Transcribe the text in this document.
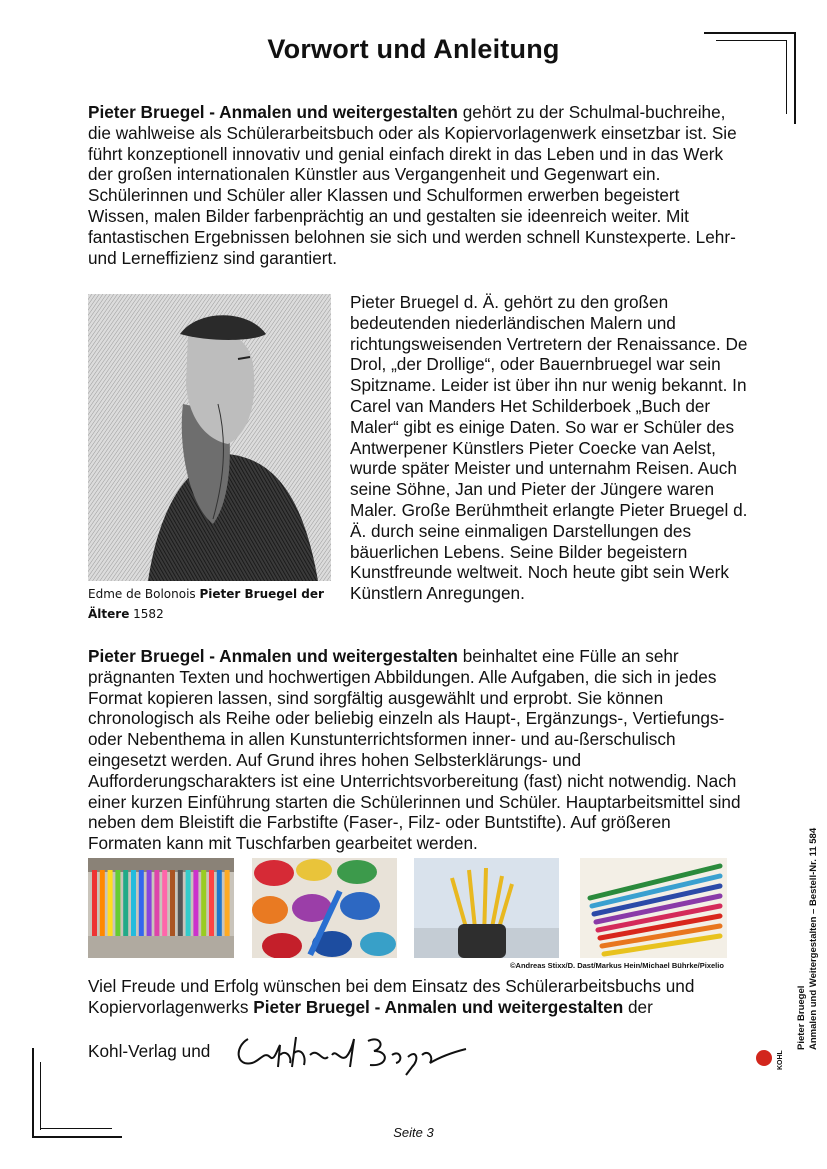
Vorwort und Anleitung

Pieter Bruegel - Anmalen und weitergestalten gehört zu der Schulmal-buchreihe, die wahlweise als Schülerarbeitsbuch oder als Kopiervorlagenwerk einsetzbar ist. Sie führt konzeptionell innovativ und genial einfach direkt in das Leben und in das Werk der großen internationalen Künstler aus Vergangenheit und Gegenwart ein. Schülerinnen und Schüler aller Klassen und Schulformen erwerben begeistert Wissen, malen Bilder farbenprächtig an und gestalten sie ideenreich weiter. Mit fantastischen Ergebnissen belohnen sie sich und werden schnell Kunstexperte. Lehr- und Lerneffizienz sind garantiert.

Edme de Bolonois Pieter Bruegel der Ältere 1582

Pieter Bruegel d. Ä. gehört zu den großen bedeutenden niederländischen Malern und richtungsweisenden Vertretern der Renaissance. De Drol, „der Drollige“, oder Bauernbruegel war sein Spitzname. Leider ist über ihn nur wenig bekannt. In Carel van Manders Het Schilderboek „Buch der Maler“ gibt es einige Daten. So war er Schüler des Antwerpener Künstlers Pieter Coecke van Aelst, wurde später Meister und unternahm Reisen. Auch seine Söhne, Jan und Pieter der Jüngere waren Maler. Große Berühmtheit erlangte Pieter Bruegel d. Ä. durch seine einmaligen Darstellungen des bäuerlichen Lebens. Seine Bilder begeistern Kunstfreunde weltweit. Noch heute gibt sein Werk Künstlern Anregungen.

Pieter Bruegel - Anmalen und weitergestalten beinhaltet eine Fülle an sehr prägnanten Texten und hochwertigen Abbildungen. Alle Aufgaben, die sich in jedes Format kopieren lassen, sind sorgfältig ausgewählt und erprobt. Sie können chronologisch als Reihe oder beliebig einzeln als Haupt-, Ergänzungs-, Vertiefungs- oder Nebenthema in allen Kunstunterrichtsformen inner- und au-ßerschulisch eingesetzt werden. Auf Grund ihres hohen Selbsterklärungs- und Aufforderungscharakters ist eine Unterrichtsvorbereitung (fast) nicht notwendig. Nach einer kurzen Einführung starten die Schülerinnen und Schüler. Hauptarbeitsmittel sind neben dem Bleistift die Farbstifte (Faser-, Filz- oder Buntstifte). Auf größeren Formaten kann mit Tuschfarben gearbeitet werden.

©Andreas Stixx/D. Dast/Markus Hein/Michael Bührke/Pixelio

Viel Freude und Erfolg wünschen bei dem Einsatz des Schülerarbeitsbuchs und Kopiervorlagenwerks Pieter Bruegel - Anmalen und weitergestalten der

Kohl-Verlag und
Seite 3
Pieter Bruegel Anmalen und Weitergestalten – Bestell-Nr. 11 584
KOHL
